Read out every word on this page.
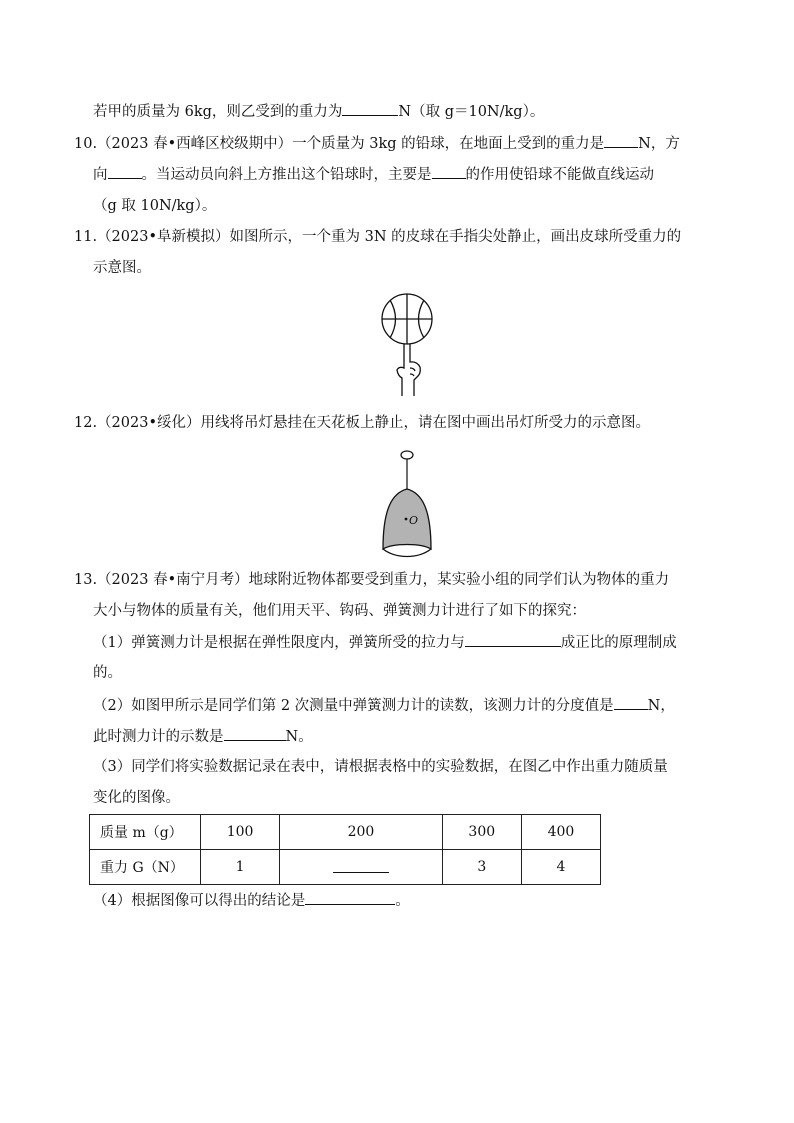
若甲的质量为 6kg，则乙受到的重力为	N（取 g＝10N/kg）。
10.（2023 春•西峰区校级期中）一个质量为 3kg 的铅球，在地面上受到的重力是 N，方
向 。当运动员向斜上方推出这个铅球时，主要是 的作用使铅球不能做直线运动
（g 取 10N/kg）。
11.（2023•阜新模拟）如图所示，一个重为 3N 的皮球在手指尖处静止，画出皮球所受重力的
示意图。
12.（2023•绥化）用线将吊灯悬挂在天花板上静止，请在图中画出吊灯所受力的示意图。
O
13.（2023 春•南宁月考）地球附近物体都要受到重力，某实验小组的同学们认为物体的重力
大小与物体的质量有关，他们用天平、钩码、弹簧测力计进行了如下的探究：
（1）弹簧测力计是根据在弹性限度内，弹簧所受的拉力与	成正比的原理制成
的。
（2）如图甲所示是同学们第 2 次测量中弹簧测力计的读数，该测力计的分度值是 N，
此时测力计的示数是	N。
（3）同学们将实验数据记录在表中，请根据表格中的实验数据，在图乙中作出重力随质量
变化的图像。
质量 m（g）	100	200	300	400
重力 G（N）	1		3	4
（4）根据图像可以得出的结论是	。
